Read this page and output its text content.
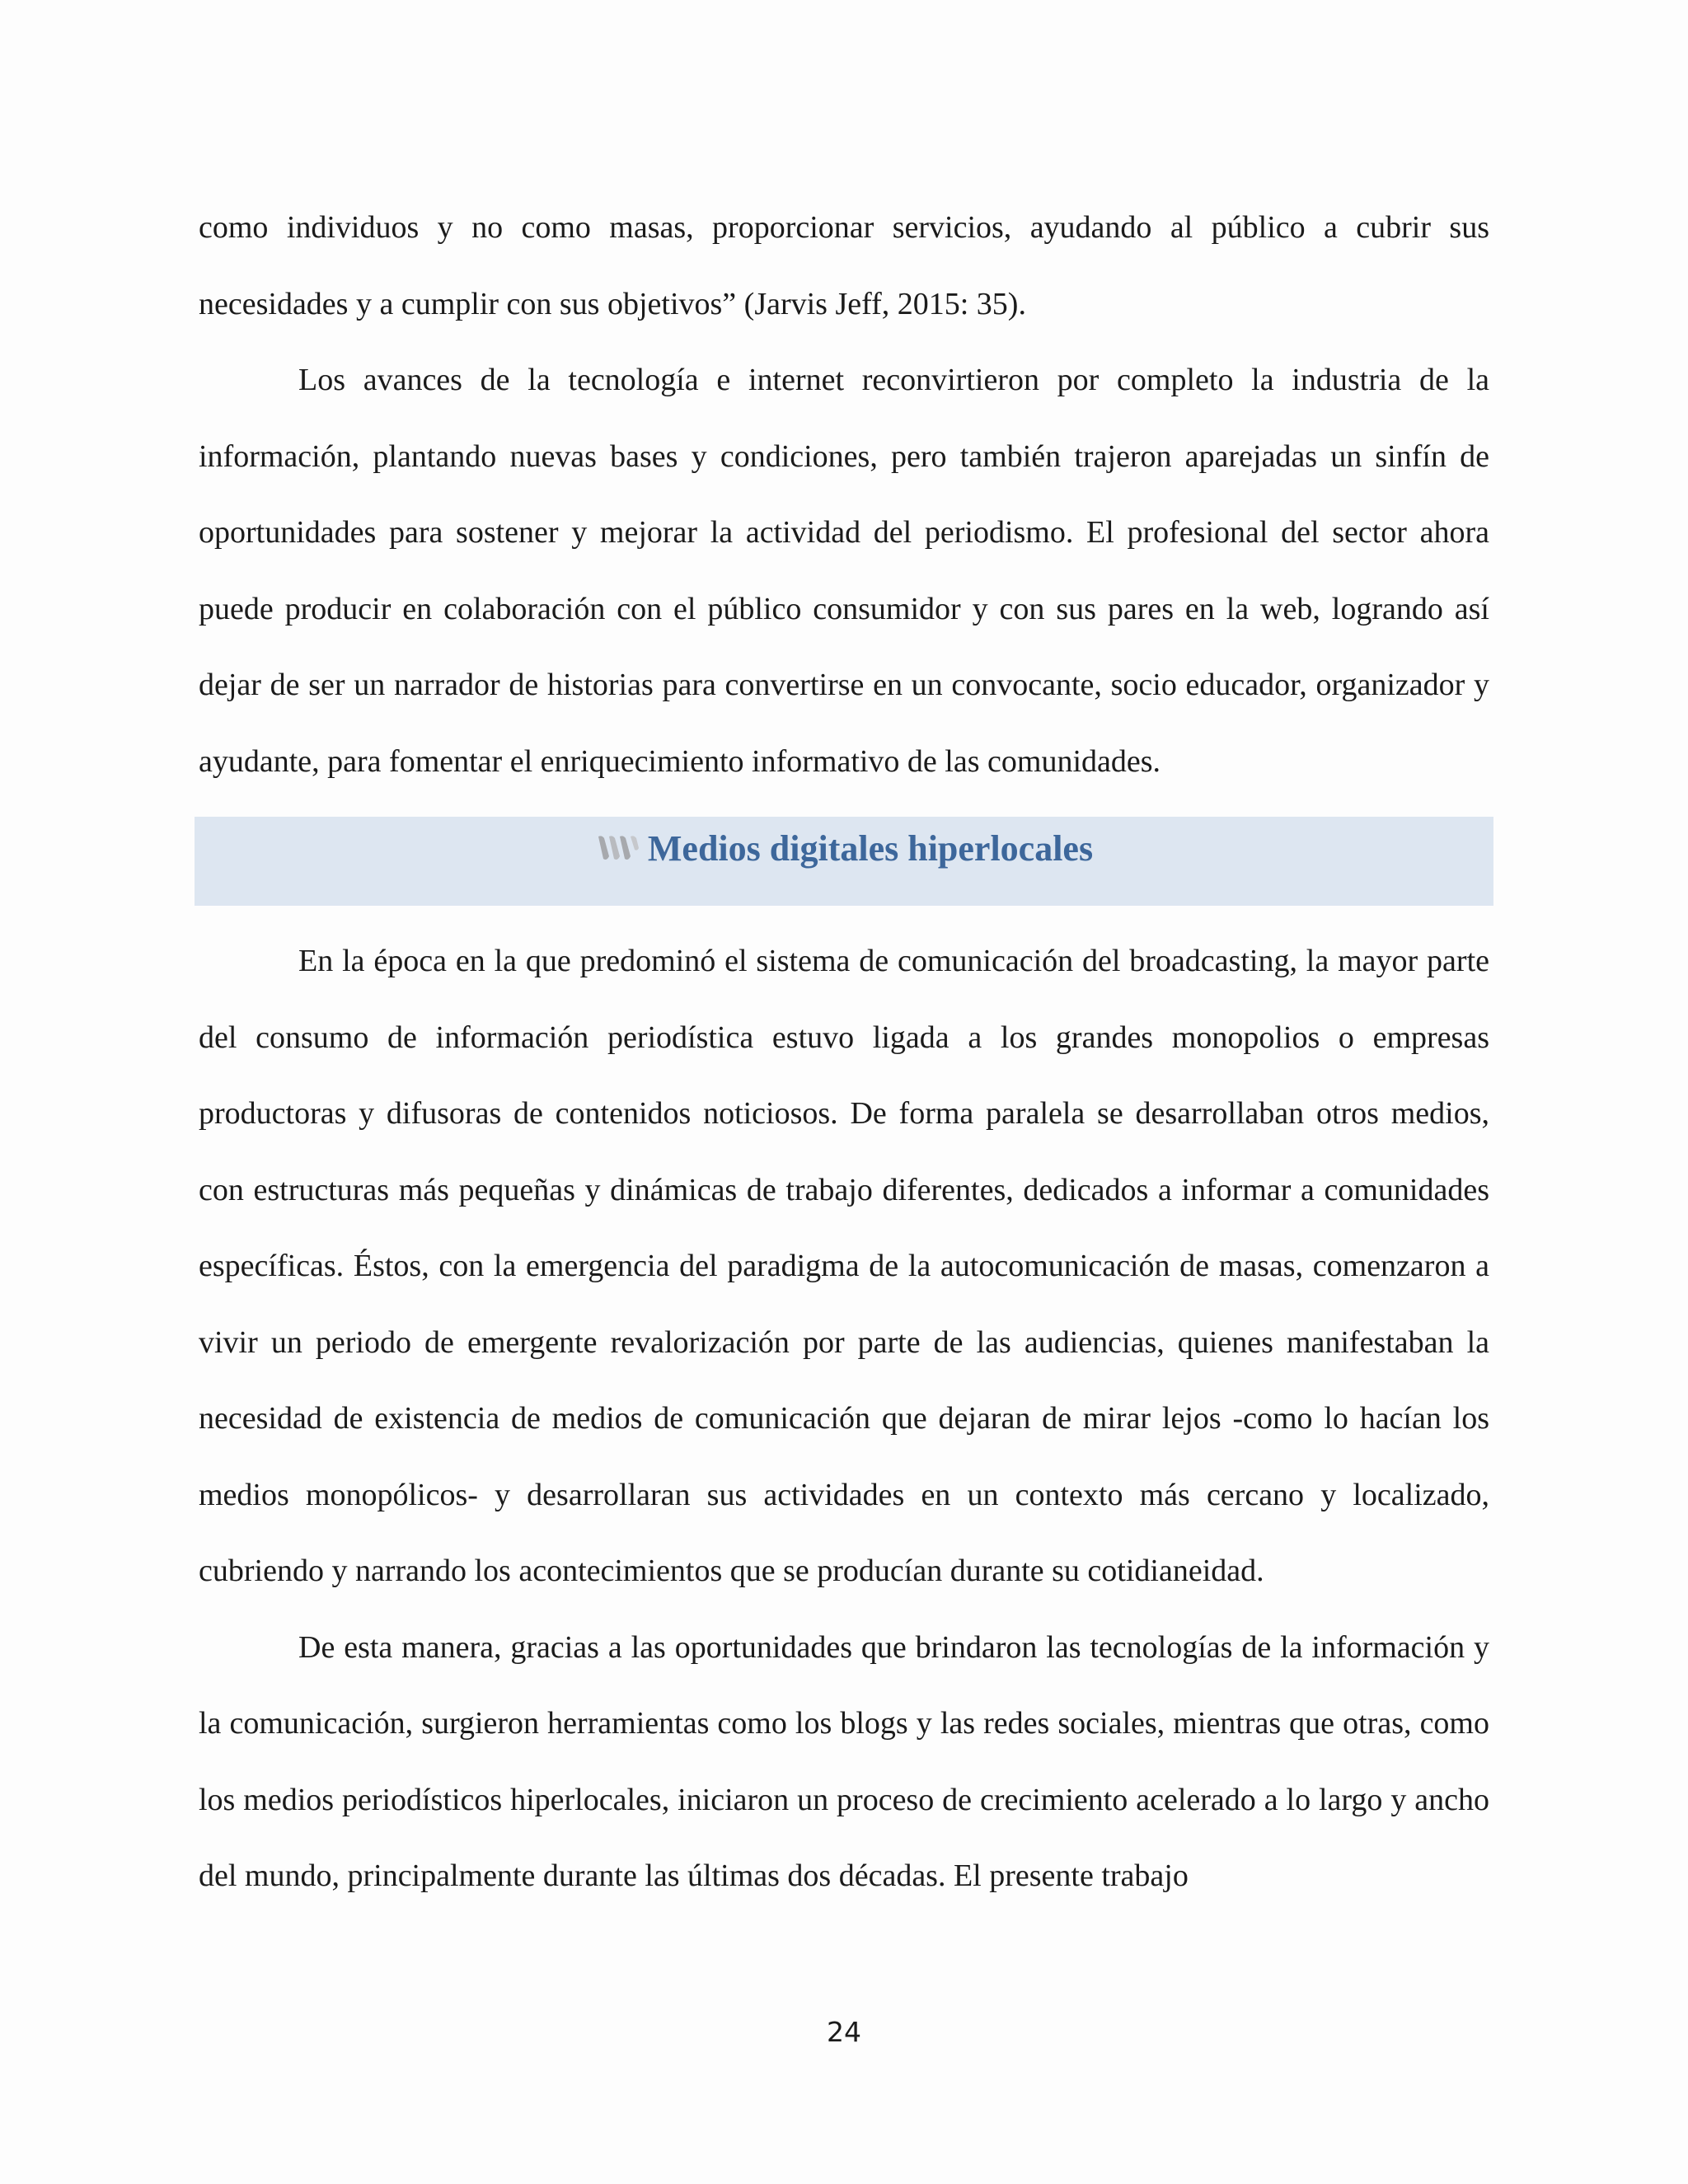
como individuos y no como masas, proporcionar servicios, ayudando al público a cubrir sus necesidades y a cumplir con sus objetivos” (Jarvis Jeff, 2015: 35).

Los avances de la tecnología e internet reconvirtieron por completo la industria de la información, plantando nuevas bases y condiciones, pero también trajeron aparejadas un sinfín de oportunidades para sostener y mejorar la actividad del periodismo. El profesional del sector ahora puede producir en colaboración con el público consumidor y con sus pares en la web, logrando así dejar de ser un narrador de historias para convertirse en un convocante, socio educador, organizador y ayudante, para fomentar el enriquecimiento informativo de las comunidades.

Medios digitales hiperlocales

En la época en la que predominó el sistema de comunicación del broadcasting, la mayor parte del consumo de información periodística estuvo ligada a los grandes monopolios o empresas productoras y difusoras de contenidos noticiosos. De forma paralela se desarrollaban otros medios, con estructuras más pequeñas y dinámicas de trabajo diferentes, dedicados a informar a comunidades específicas. Éstos, con la emergencia del paradigma de la autocomunicación de masas, comenzaron a vivir un periodo de emergente revalorización por parte de las audiencias, quienes manifestaban la necesidad de existencia de medios de comunicación que dejaran de mirar lejos -como lo hacían los medios monopólicos- y desarrollaran sus actividades en un contexto más cercano y localizado, cubriendo y narrando los acontecimientos que se producían durante su cotidianeidad.

De esta manera, gracias a las oportunidades que brindaron las tecnologías de la información y la comunicación, surgieron herramientas como los blogs y las redes sociales, mientras que otras, como los medios periodísticos hiperlocales, iniciaron un proceso de crecimiento acelerado a lo largo y ancho del mundo, principalmente durante las últimas dos décadas. El presente trabajo

24
